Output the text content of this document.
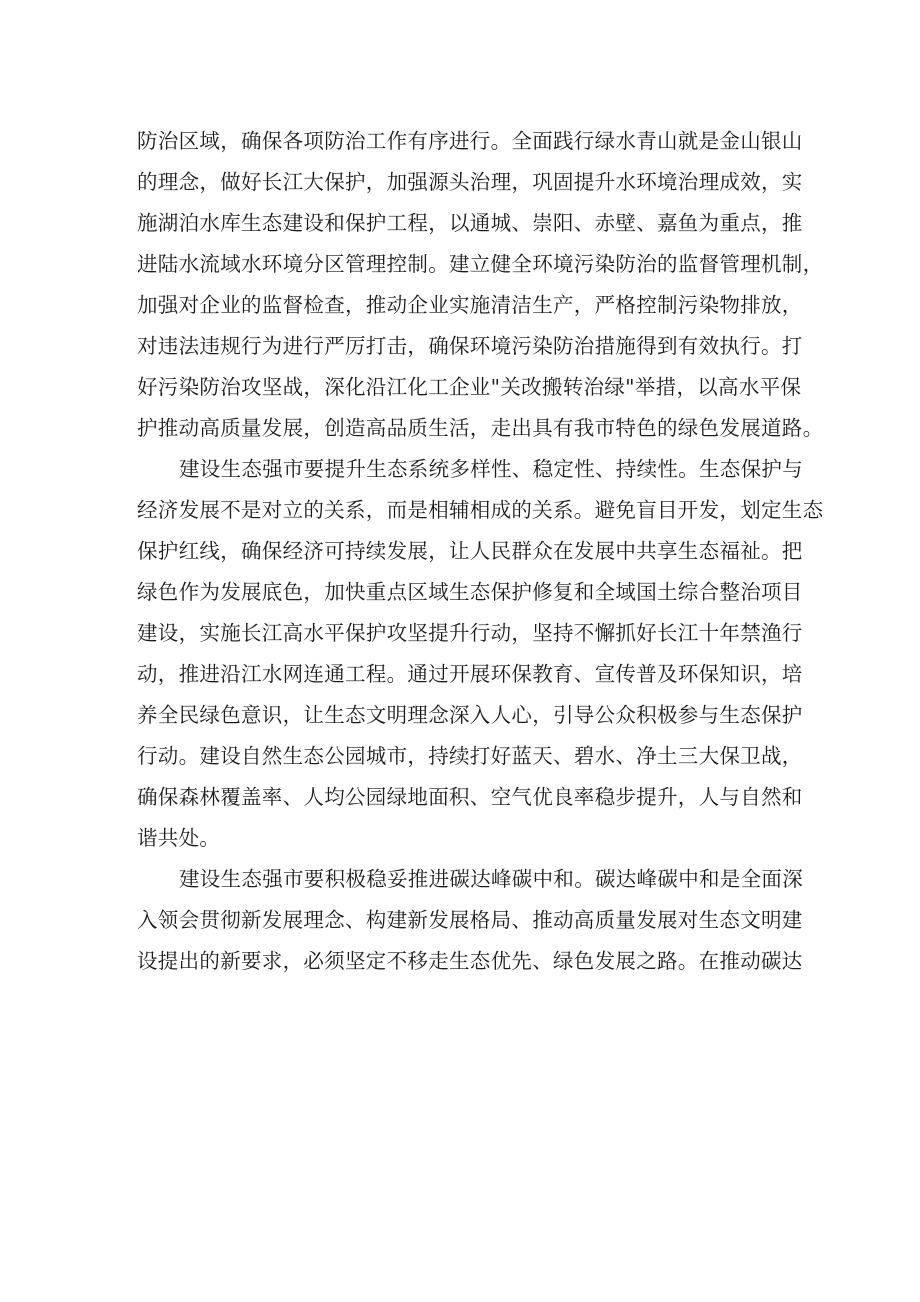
防治区域，确保各项防治工作有序进行。全面践行绿水青山就是金山银山
的理念，做好长江大保护，加强源头治理，巩固提升水环境治理成效，实
施湖泊水库生态建设和保护工程，以通城、崇阳、赤壁、嘉鱼为重点，推
进陆水流域水环境分区管理控制。建立健全环境污染防治的监督管理机制，
加强对企业的监督检查，推动企业实施清洁生产，严格控制污染物排放，
对违法违规行为进行严厉打击，确保环境污染防治措施得到有效执行。打
好污染防治攻坚战，深化沿江化工企业"关改搬转治绿"举措，以高水平保
护推动高质量发展，创造高品质生活，走出具有我市特色的绿色发展道路。
建设生态强市要提升生态系统多样性、稳定性、持续性。生态保护与
经济发展不是对立的关系，而是相辅相成的关系。避免盲目开发，划定生态
保护红线，确保经济可持续发展，让人民群众在发展中共享生态福祉。把
绿色作为发展底色，加快重点区域生态保护修复和全域国土综合整治项目
建设，实施长江高水平保护攻坚提升行动，坚持不懈抓好长江十年禁渔行
动，推进沿江水网连通工程。通过开展环保教育、宣传普及环保知识，培
养全民绿色意识，让生态文明理念深入人心，引导公众积极参与生态保护
行动。建设自然生态公园城市，持续打好蓝天、碧水、净土三大保卫战，
确保森林覆盖率、人均公园绿地面积、空气优良率稳步提升，人与自然和
谐共处。
建设生态强市要积极稳妥推进碳达峰碳中和。碳达峰碳中和是全面深
入领会贯彻新发展理念、构建新发展格局、推动高质量发展对生态文明建
设提出的新要求，必须坚定不移走生态优先、绿色发展之路。在推动碳达
